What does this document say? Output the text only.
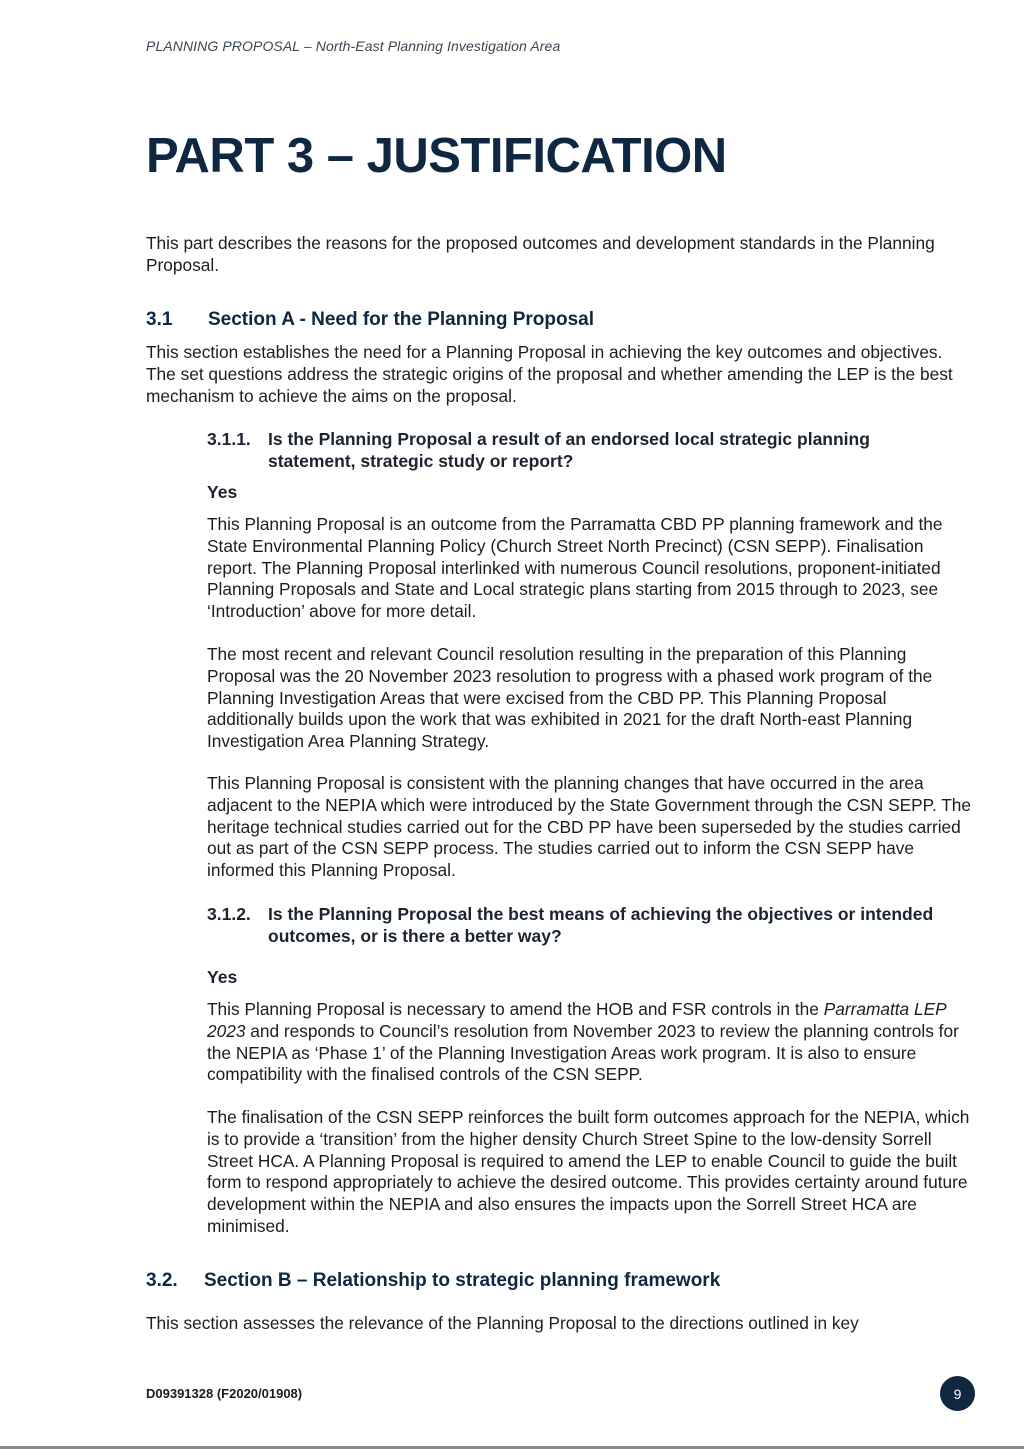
PLANNING PROPOSAL – North-East Planning Investigation Area
PART 3 – JUSTIFICATION

This part describes the reasons for the proposed outcomes and development standards in the Planning Proposal.

3.1 Section A - Need for the Planning Proposal

This section establishes the need for a Planning Proposal in achieving the key outcomes and objectives. The set questions address the strategic origins of the proposal and whether amending the LEP is the best mechanism to achieve the aims on the proposal.

3.1.1. Is the Planning Proposal a result of an endorsed local strategic planning statement, strategic study or report?

Yes

This Planning Proposal is an outcome from the Parramatta CBD PP planning framework and the State Environmental Planning Policy (Church Street North Precinct) (CSN SEPP). Finalisation report. The Planning Proposal interlinked with numerous Council resolutions, proponent-initiated Planning Proposals and State and Local strategic plans starting from 2015 through to 2023, see ‘Introduction’ above for more detail.

The most recent and relevant Council resolution resulting in the preparation of this Planning Proposal was the 20 November 2023 resolution to progress with a phased work program of the Planning Investigation Areas that were excised from the CBD PP. This Planning Proposal additionally builds upon the work that was exhibited in 2021 for the draft North-east Planning Investigation Area Planning Strategy.

This Planning Proposal is consistent with the planning changes that have occurred in the area adjacent to the NEPIA which were introduced by the State Government through the CSN SEPP. The heritage technical studies carried out for the CBD PP have been superseded by the studies carried out as part of the CSN SEPP process. The studies carried out to inform the CSN SEPP have informed this Planning Proposal.

3.1.2. Is the Planning Proposal the best means of achieving the objectives or intended outcomes, or is there a better way?

Yes

This Planning Proposal is necessary to amend the HOB and FSR controls in the Parramatta LEP 2023 and responds to Council’s resolution from November 2023 to review the planning controls for the NEPIA as ‘Phase 1’ of the Planning Investigation Areas work program. It is also to ensure compatibility with the finalised controls of the CSN SEPP.

The finalisation of the CSN SEPP reinforces the built form outcomes approach for the NEPIA, which is to provide a ‘transition’ from the higher density Church Street Spine to the low-density Sorrell Street HCA. A Planning Proposal is required to amend the LEP to enable Council to guide the built form to respond appropriately to achieve the desired outcome. This provides certainty around future development within the NEPIA and also ensures the impacts upon the Sorrell Street HCA are minimised.

3.2. Section B – Relationship to strategic planning framework

This section assesses the relevance of the Planning Proposal to the directions outlined in key

D09391328 (F2020/01908)	9
